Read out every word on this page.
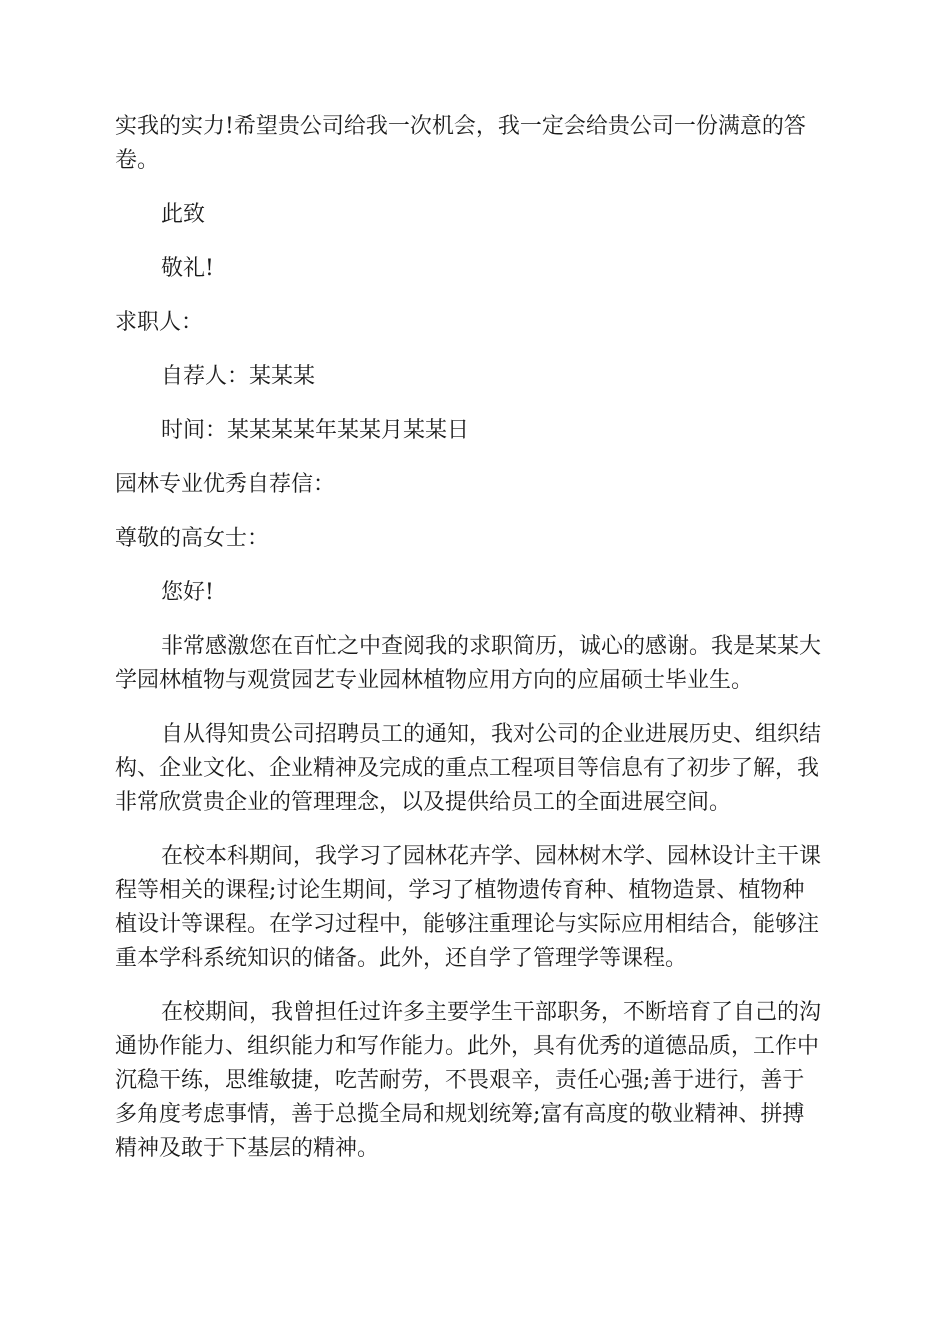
实我的实力!希望贵公司给我一次机会，我一定会给贵公司一份满意的答
卷。
此致
敬礼!
求职人：
自荐人：某某某
时间：某某某某年某某月某某日
园林专业优秀自荐信：
尊敬的高女士：
您好!
非常感激您在百忙之中查阅我的求职简历，诚心的感谢。我是某某大
学园林植物与观赏园艺专业园林植物应用方向的应届硕士毕业生。
自从得知贵公司招聘员工的通知，我对公司的企业进展历史、组织结
构、企业文化、企业精神及完成的重点工程项目等信息有了初步了解，我
非常欣赏贵企业的管理理念，以及提供给员工的全面进展空间。
在校本科期间，我学习了园林花卉学、园林树木学、园林设计主干课
程等相关的课程;讨论生期间，学习了植物遗传育种、植物造景、植物种
植设计等课程。在学习过程中，能够注重理论与实际应用相结合，能够注
重本学科系统知识的储备。此外，还自学了管理学等课程。
在校期间，我曾担任过许多主要学生干部职务，不断培育了自己的沟
通协作能力、组织能力和写作能力。此外，具有优秀的道德品质，工作中
沉稳干练，思维敏捷，吃苦耐劳，不畏艰辛，责任心强;善于进行，善于
多角度考虑事情，善于总揽全局和规划统筹;富有高度的敬业精神、拼搏
精神及敢于下基层的精神。
